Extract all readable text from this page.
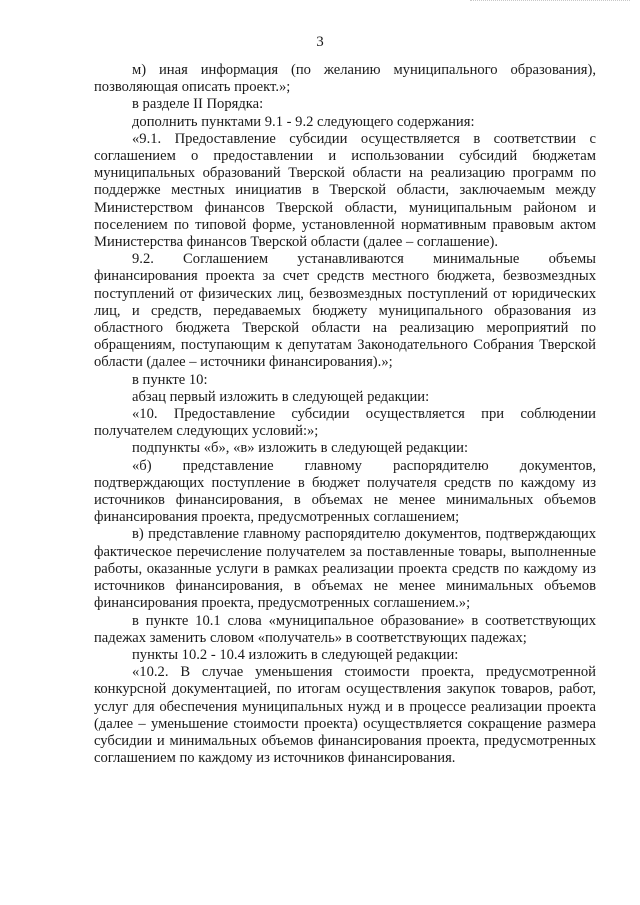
3

м) иная информация (по желанию муниципального образования), позволяющая описать проект.»;

в разделе II Порядка:

дополнить пунктами 9.1 - 9.2 следующего содержания:

«9.1. Предоставление субсидии осуществляется в соответствии с соглашением о предоставлении и использовании субсидий бюджетам муниципальных образований Тверской области на реализацию программ по поддержке местных инициатив в Тверской области, заключаемым между Министерством финансов Тверской области, муниципальным районом и поселением по типовой форме, установленной нормативным правовым актом Министерства финансов Тверской области (далее – соглашение).

9.2. Соглашением устанавливаются минимальные объемы финансирования проекта за счет средств местного бюджета, безвозмездных поступлений от физических лиц, безвозмездных поступлений от юридических лиц, и средств, передаваемых бюджету муниципального образования из областного бюджета Тверской области на реализацию мероприятий по обращениям, поступающим к депутатам Законодательного Собрания Тверской области (далее – источники финансирования).»;

в пункте 10:

абзац первый изложить в следующей редакции:

«10. Предоставление субсидии осуществляется при соблюдении получателем следующих условий:»;

подпункты «б», «в» изложить в следующей редакции:

«б) представление главному распорядителю документов, подтверждающих поступление в бюджет получателя средств по каждому из источников финансирования, в объемах не менее минимальных объемов финансирования проекта, предусмотренных соглашением;

в) представление главному распорядителю документов, подтверждающих фактическое перечисление получателем за поставленные товары, выполненные работы, оказанные услуги в рамках реализации проекта средств по каждому из источников финансирования, в объемах не менее минимальных объемов финансирования проекта, предусмотренных соглашением.»;

в пункте 10.1 слова «муниципальное образование» в соответствующих падежах заменить словом «получатель» в соответствующих падежах;

пункты 10.2 - 10.4 изложить в следующей редакции:

«10.2. В случае уменьшения стоимости проекта, предусмотренной конкурсной документацией, по итогам осуществления закупок товаров, работ, услуг для обеспечения муниципальных нужд и в процессе реализации проекта (далее – уменьшение стоимости проекта) осуществляется сокращение размера субсидии и минимальных объемов финансирования проекта, предусмотренных соглашением по каждому из источников финансирования.
